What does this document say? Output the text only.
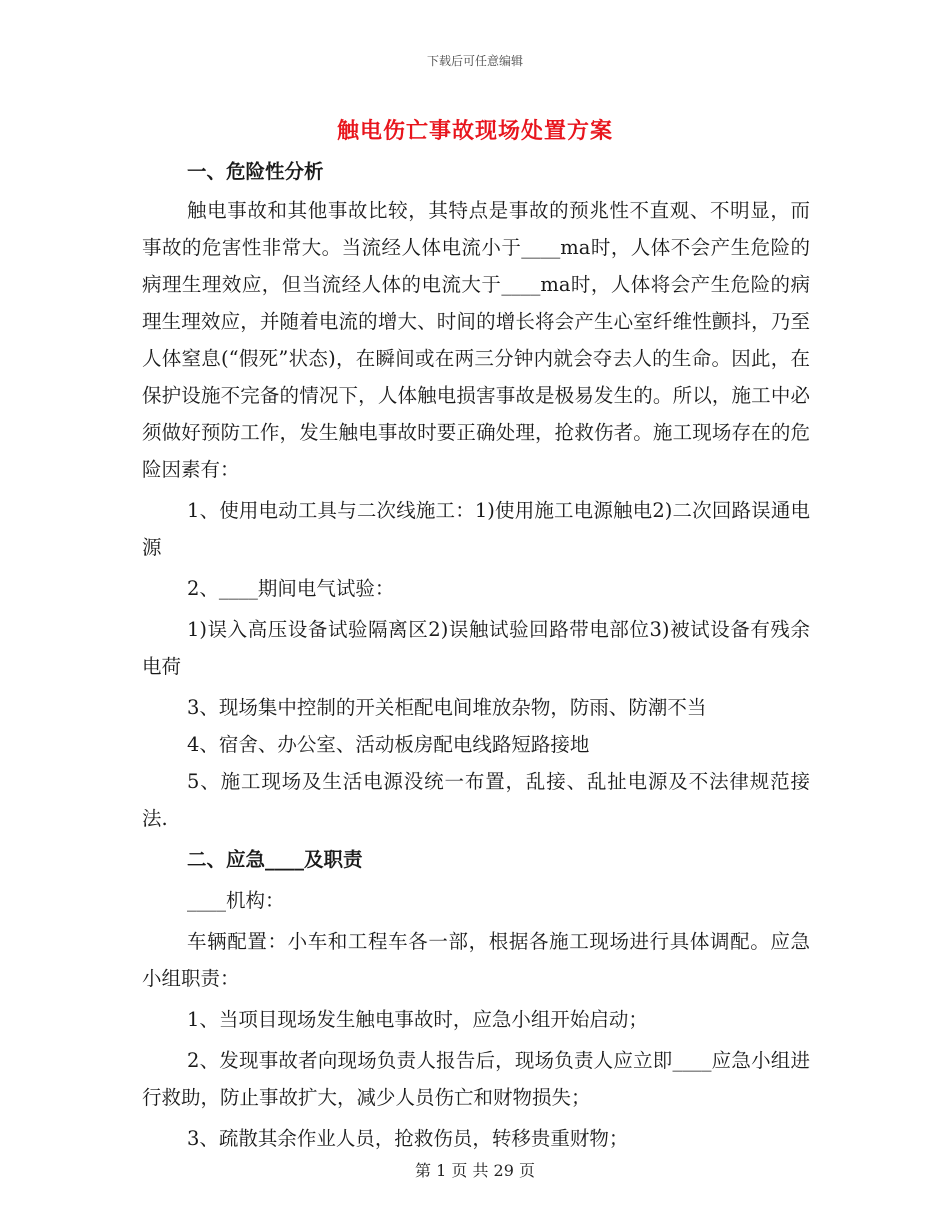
下载后可任意编辑
触电伤亡事故现场处置方案

一、危险性分析

触电事故和其他事故比较，其特点是事故的预兆性不直观、不明显，而事故的危害性非常大。当流经人体电流小于____ma时，人体不会产生危险的病理生理效应，但当流经人体的电流大于____ma时，人体将会产生危险的病理生理效应，并随着电流的增大、时间的增长将会产生心室纤维性颤抖，乃至人体窒息(“假死”状态)，在瞬间或在两三分钟内就会夺去人的生命。因此，在保护设施不完备的情况下，人体触电损害事故是极易发生的。所以，施工中必须做好预防工作，发生触电事故时要正确处理，抢救伤者。施工现场存在的危险因素有：

1、使用电动工具与二次线施工：1)使用施工电源触电2)二次回路误通电源

2、____期间电气试验：

1)误入高压设备试验隔离区2)误触试验回路带电部位3)被试设备有残余电荷

3、现场集中控制的开关柜配电间堆放杂物，防雨、防潮不当

4、宿舍、办公室、活动板房配电线路短路接地

5、施工现场及生活电源没统一布置，乱接、乱扯电源及不法律规范接法.

二、应急____及职责

____机构：

车辆配置：小车和工程车各一部，根据各施工现场进行具体调配。应急小组职责：

1、当项目现场发生触电事故时，应急小组开始启动；

2、发现事故者向现场负责人报告后，现场负责人应立即____应急小组进行救助，防止事故扩大，减少人员伤亡和财物损失；

3、疏散其余作业人员，抢救伤员，转移贵重财物；

第 1 页 共 29 页
